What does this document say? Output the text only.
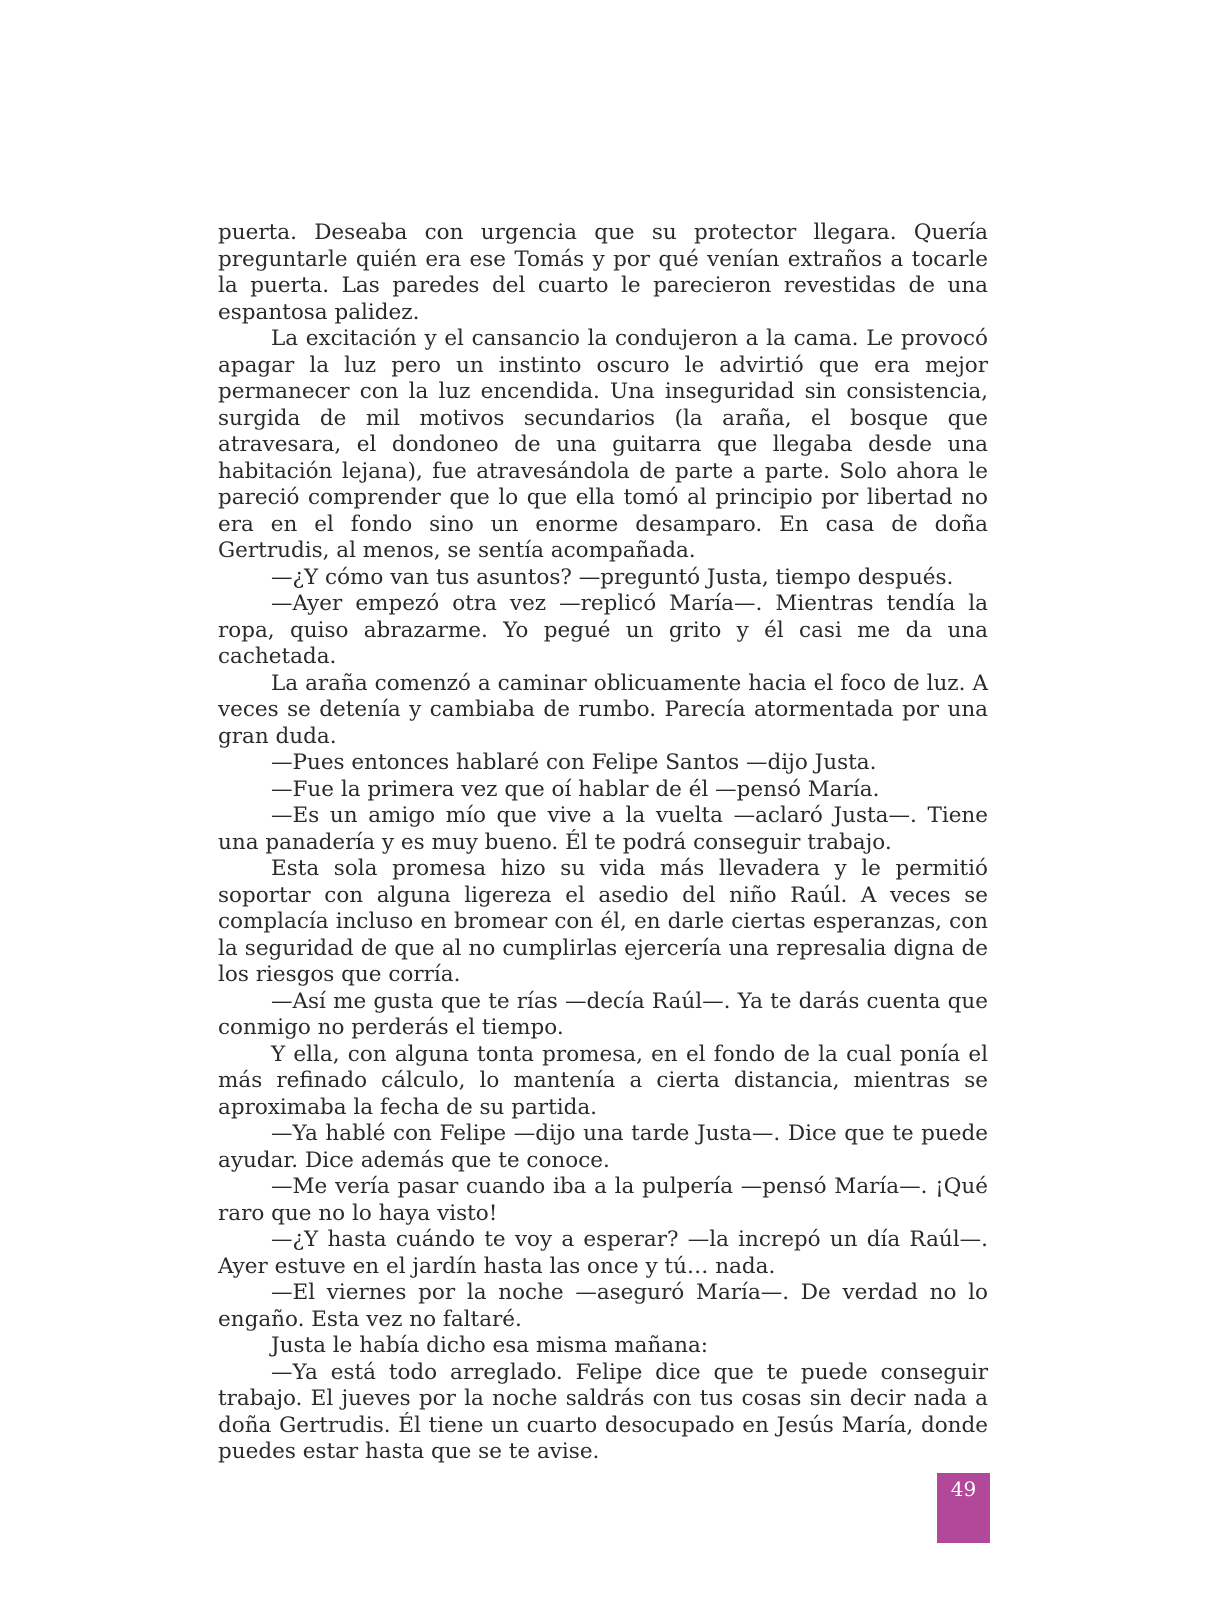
puerta. Deseaba con urgencia que su protector llegara. Quería preguntarle quién era ese Tomás y por qué venían extraños a tocarle la puerta. Las paredes del cuarto le parecieron revestidas de una espantosa palidez.

La excitación y el cansancio la condujeron a la cama. Le provocó apagar la luz pero un instinto oscuro le advirtió que era mejor permanecer con la luz encendida. Una inseguridad sin consistencia, surgida de mil motivos secundarios (la araña, el bosque que atravesara, el dondoneo de una guitarra que llegaba desde una habitación lejana), fue atravesándola de parte a parte. Solo ahora le pareció comprender que lo que ella tomó al principio por libertad no era en el fondo sino un enorme desamparo. En casa de doña Gertrudis, al menos, se sentía acompañada.

—¿Y cómo van tus asuntos? —preguntó Justa, tiempo después.

—Ayer empezó otra vez —replicó María—. Mientras tendía la ropa, quiso abrazarme. Yo pegué un grito y él casi me da una cachetada.

La araña comenzó a caminar oblicuamente hacia el foco de luz. A veces se detenía y cambiaba de rumbo. Parecía atormentada por una gran duda.

—Pues entonces hablaré con Felipe Santos —dijo Justa.

—Fue la primera vez que oí hablar de él —pensó María.

—Es un amigo mío que vive a la vuelta —aclaró Justa—. Tiene una panadería y es muy bueno. Él te podrá conseguir trabajo.

Esta sola promesa hizo su vida más llevadera y le permitió soportar con alguna ligereza el asedio del niño Raúl. A veces se complacía incluso en bromear con él, en darle ciertas esperanzas, con la seguridad de que al no cumplirlas ejercería una represalia digna de los riesgos que corría.

—Así me gusta que te rías —decía Raúl—. Ya te darás cuenta que conmigo no perderás el tiempo.

Y ella, con alguna tonta promesa, en el fondo de la cual ponía el más refinado cálculo, lo mantenía a cierta distancia, mientras se aproximaba la fecha de su partida.

—Ya hablé con Felipe —dijo una tarde Justa—. Dice que te puede ayudar. Dice además que te conoce.

—Me vería pasar cuando iba a la pulpería —pensó María—. ¡Qué raro que no lo haya visto!

—¿Y hasta cuándo te voy a esperar? —la increpó un día Raúl—. Ayer estuve en el jardín hasta las once y tú… nada.

—El viernes por la noche —aseguró María—. De verdad no lo engaño. Esta vez no faltaré.

Justa le había dicho esa misma mañana:

—Ya está todo arreglado. Felipe dice que te puede conseguir trabajo. El jueves por la noche saldrás con tus cosas sin decir nada a doña Gertrudis. Él tiene un cuarto desocupado en Jesús María, donde puedes estar hasta que se te avise.

49
